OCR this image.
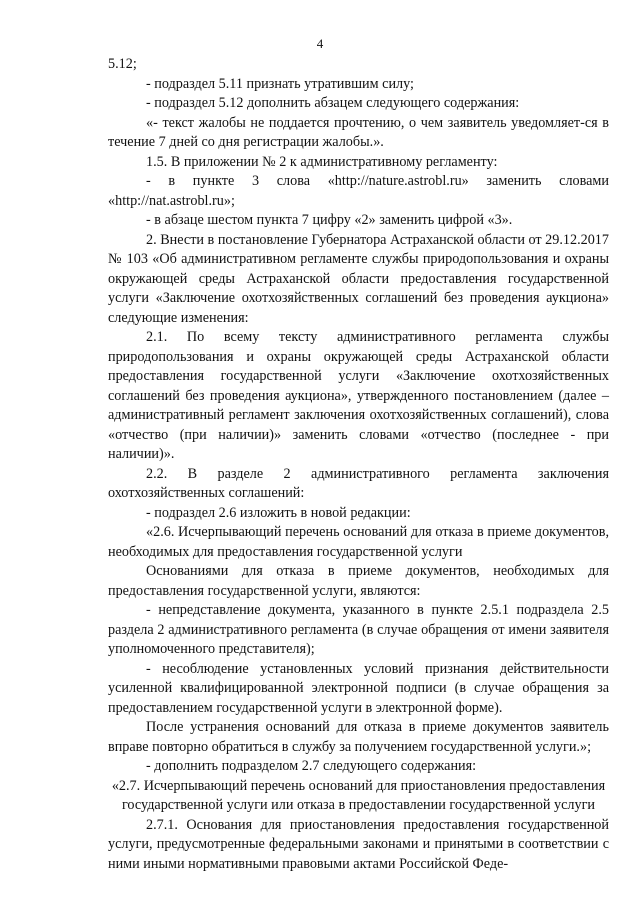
4

5.12;

- подраздел 5.11 признать утратившим силу;

- подраздел 5.12 дополнить абзацем следующего содержания:

«- текст жалобы не поддается прочтению, о чем заявитель уведомляет-ся в течение 7 дней со дня регистрации жалобы.».

1.5. В приложении № 2 к административному регламенту:

- в пункте 3 слова «http://nature.astrobl.ru» заменить словами «http://nat.astrobl.ru»;

- в абзаце шестом пункта 7 цифру «2» заменить цифрой «3».

2. Внести в постановление Губернатора Астраханской области от 29.12.2017 № 103 «Об административном регламенте службы природопользования и охраны окружающей среды Астраханской области предоставления государственной услуги «Заключение охотхозяйственных соглашений без проведения аукциона» следующие изменения:

2.1. По всему тексту административного регламента службы природопользования и охраны окружающей среды Астраханской области предоставления государственной услуги «Заключение охотхозяйственных соглашений без проведения аукциона», утвержденного постановлением (далее – административный регламент заключения охотхозяйственных соглашений), слова «отчество (при наличии)» заменить словами «отчество (последнее - при наличии)».

2.2. В разделе 2 административного регламента заключения охотхозяйственных соглашений:

- подраздел 2.6 изложить в новой редакции:

«2.6. Исчерпывающий перечень оснований для отказа в приеме документов, необходимых для предоставления государственной услуги

Основаниями для отказа в приеме документов, необходимых для предоставления государственной услуги, являются:

- непредставление документа, указанного в пункте 2.5.1 подраздела 2.5 раздела 2 административного регламента (в случае обращения от имени заявителя уполномоченного представителя);

- несоблюдение установленных условий признания действительности усиленной квалифицированной электронной подписи (в случае обращения за предоставлением государственной услуги в электронной форме).

После устранения оснований для отказа в приеме документов заявитель вправе повторно обратиться в службу за получением государственной услуги.»;

- дополнить подразделом 2.7 следующего содержания:

«2.7. Исчерпывающий перечень оснований для приостановления предоставления государственной услуги или отказа в предоставлении государственной услуги

2.7.1. Основания для приостановления предоставления государственной услуги, предусмотренные федеральными законами и принятыми в соответствии с ними иными нормативными правовыми актами Российской Феде-
